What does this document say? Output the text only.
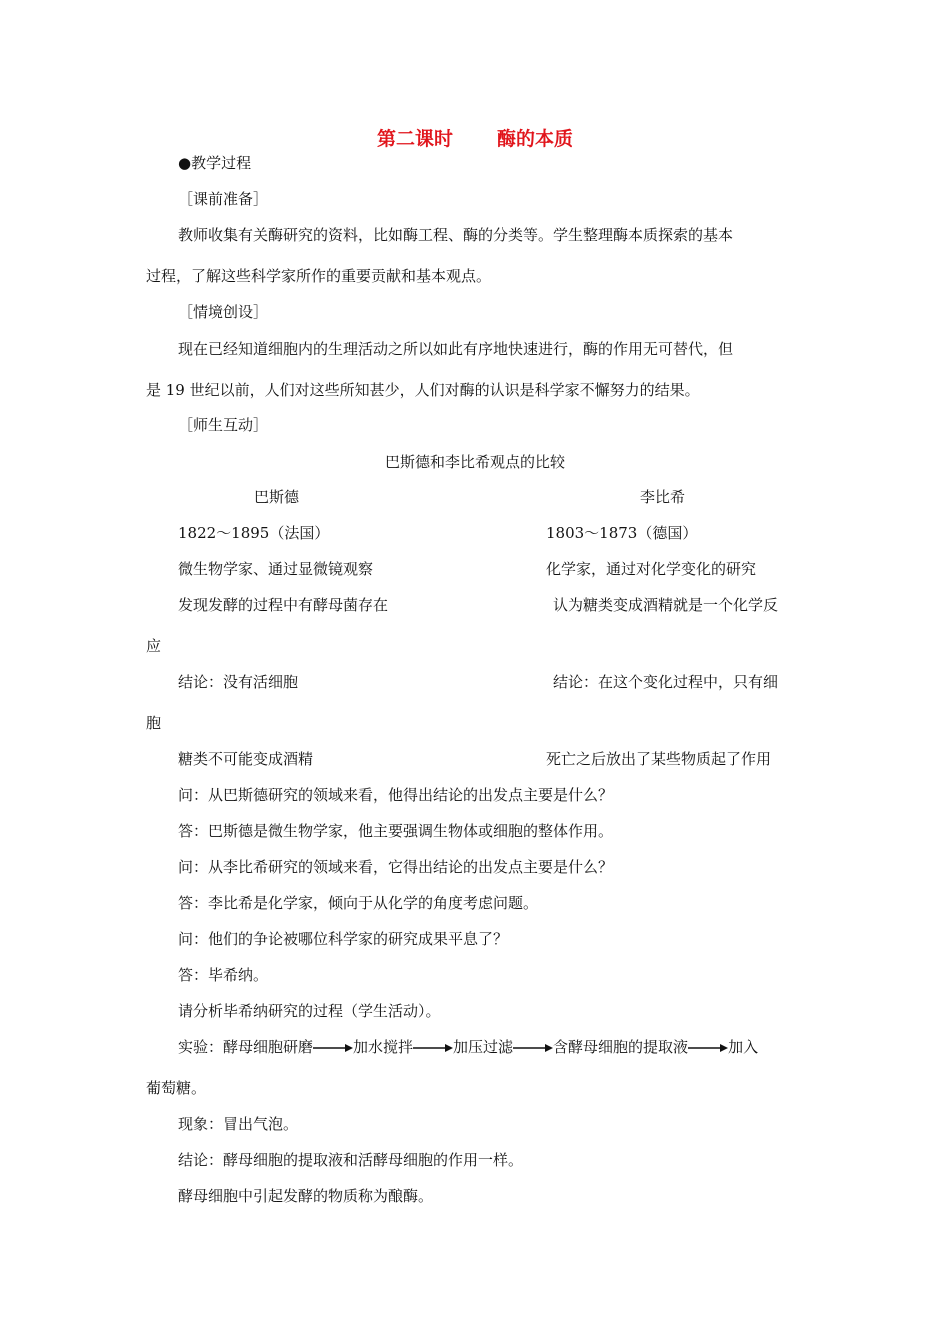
第二课时 酶的本质
●教学过程
［课前准备］
教师收集有关酶研究的资料，比如酶工程、酶的分类等。学生整理酶本质探索的基本
过程，了解这些科学家所作的重要贡献和基本观点。
［情境创设］
现在已经知道细胞内的生理活动之所以如此有序地快速进行，酶的作用无可替代，但
是 19 世纪以前，人们对这些所知甚少，人们对酶的认识是科学家不懈努力的结果。
［师生互动］
巴斯德和李比希观点的比较
巴斯德	李比希
1822～1895（法国）	1803～1873（德国）
微生物学家、通过显微镜观察	化学家，通过对化学变化的研究
发现发酵的过程中有酵母菌存在	认为糖类变成酒精就是一个化学反
应
结论：没有活细胞	结论：在这个变化过程中，只有细
胞
糖类不可能变成酒精	死亡之后放出了某些物质起了作用
问：从巴斯德研究的领域来看，他得出结论的出发点主要是什么？
答：巴斯德是微生物学家，他主要强调生物体或细胞的整体作用。
问：从李比希研究的领域来看，它得出结论的出发点主要是什么？
答：李比希是化学家，倾向于从化学的角度考虑问题。
问：他们的争论被哪位科学家的研究成果平息了？
答：毕希纳。
请分析毕希纳研究的过程（学生活动）。
实验：酵母细胞研磨	加水搅拌	加压过滤	含酵母细胞的提取液	加入
葡萄糖。
现象：冒出气泡。
结论：酵母细胞的提取液和活酵母细胞的作用一样。
酵母细胞中引起发酵的物质称为酿酶。
